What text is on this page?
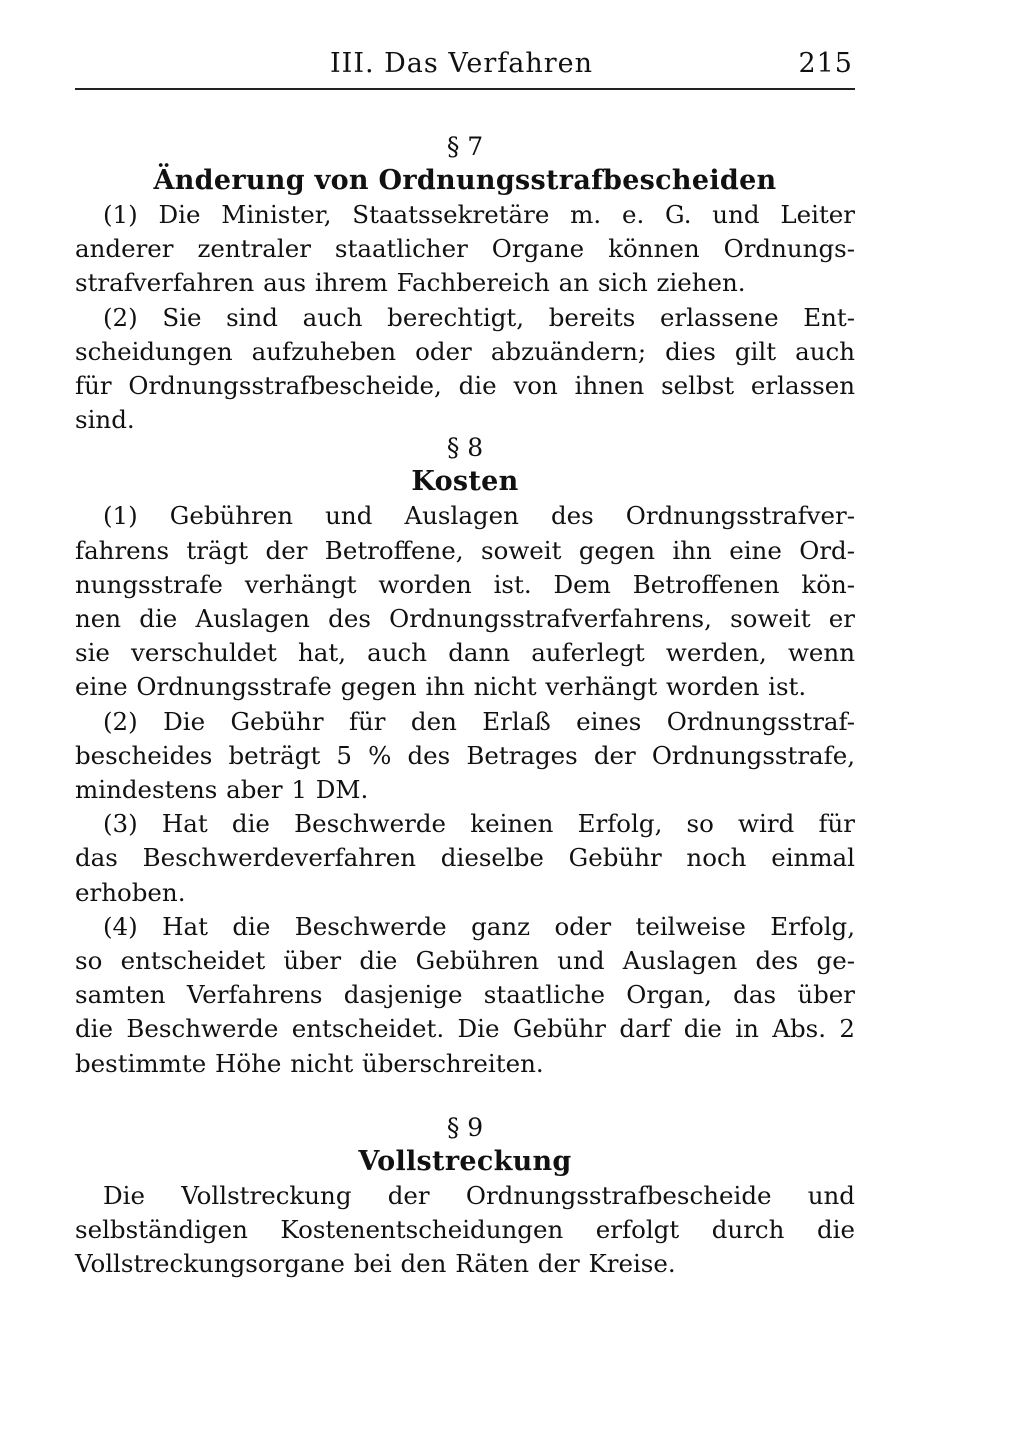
III. Das Verfahren	215

§ 7

Änderung von Ordnungsstrafbescheiden

(1) Die Minister, Staatssekretäre m. e. G. und Leiter
anderer zentraler staatlicher Organe können Ordnungs-
strafverfahren aus ihrem Fachbereich an sich ziehen.
(2) Sie sind auch berechtigt, bereits erlassene Ent-
scheidungen aufzuheben oder abzuändern; dies gilt auch
für Ordnungsstrafbescheide, die von ihnen selbst erlassen
sind.

§ 8

Kosten

(1) Gebühren und Auslagen des Ordnungsstrafver-
fahrens trägt der Betroffene, soweit gegen ihn eine Ord-
nungsstrafe verhängt worden ist. Dem Betroffenen kön-
nen die Auslagen des Ordnungsstrafverfahrens, soweit er
sie verschuldet hat, auch dann auferlegt werden, wenn
eine Ordnungsstrafe gegen ihn nicht verhängt worden ist.
(2) Die Gebühr für den Erlaß eines Ordnungsstraf-
bescheides beträgt 5 % des Betrages der Ordnungsstrafe,
mindestens aber 1 DM.
(3) Hat die Beschwerde keinen Erfolg, so wird für
das Beschwerdeverfahren dieselbe Gebühr noch einmal
erhoben.
(4) Hat die Beschwerde ganz oder teilweise Erfolg,
so entscheidet über die Gebühren und Auslagen des ge-
samten Verfahrens dasjenige staatliche Organ, das über
die Beschwerde entscheidet. Die Gebühr darf die in Abs. 2
bestimmte Höhe nicht überschreiten.

§ 9

Vollstreckung

Die Vollstreckung der Ordnungsstrafbescheide und
selbständigen Kostenentscheidungen erfolgt durch die
Vollstreckungsorgane bei den Räten der Kreise.
